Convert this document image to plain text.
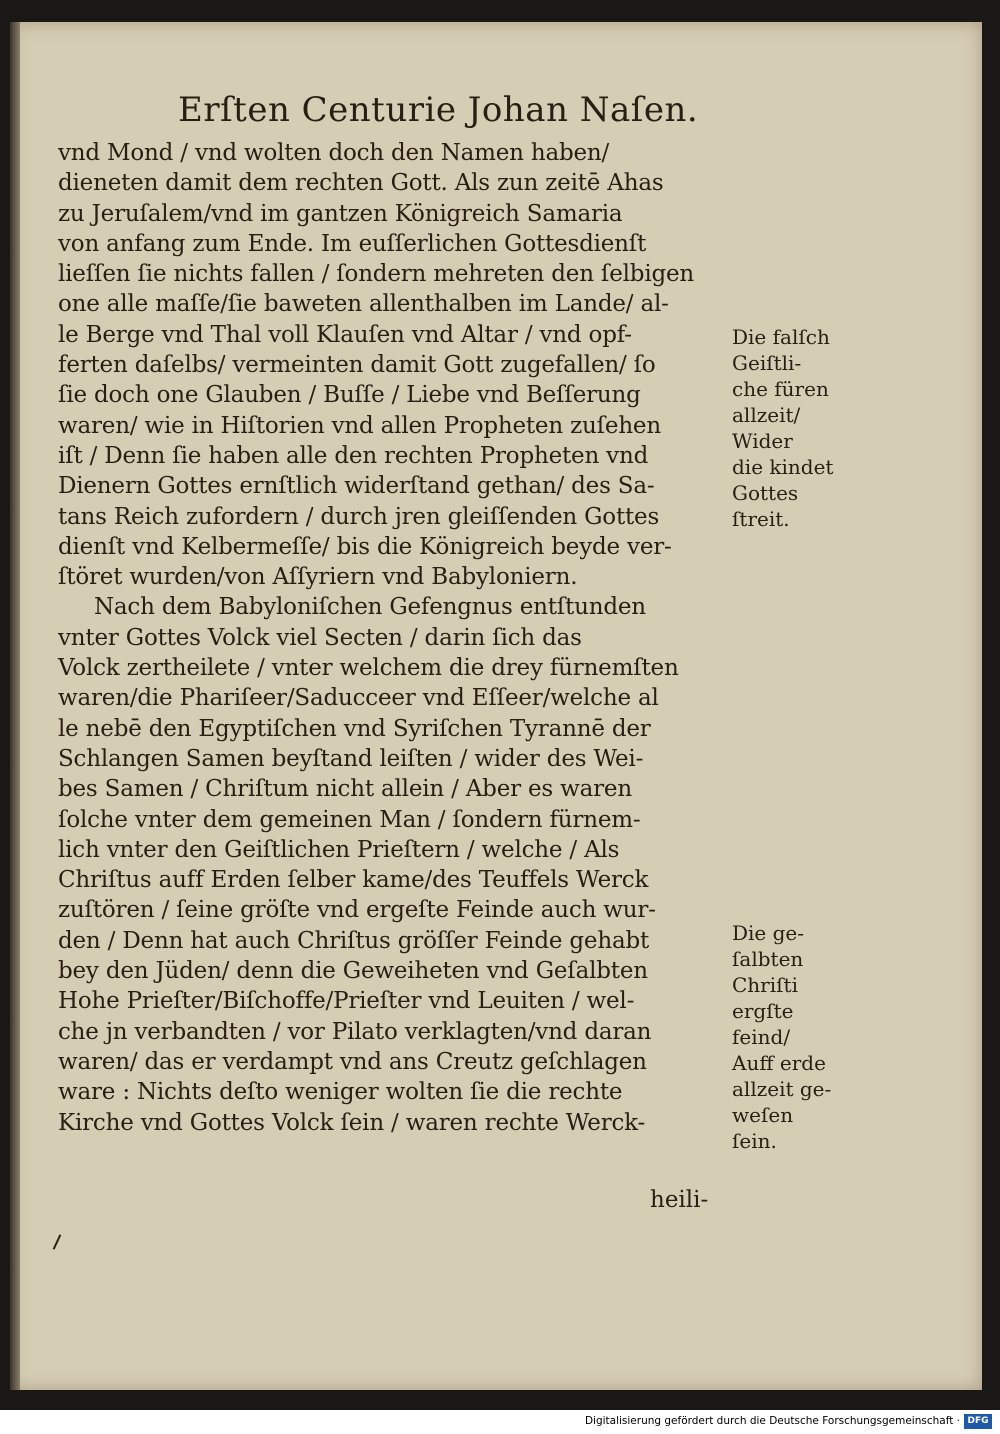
Erſten Centurie Johan Naſen.
vnd Mond / vnd wolten doch den Namen haben/
dieneten damit dem rechten Gott. Als zun zeitē Ahas
zu Jeruſalem/vnd im gantzen Königreich Samaria
von anfang zum Ende. Im euſſerlichen Gottesdienſt
lieſſen ſie nichts fallen / ſondern mehreten den ſelbigen
one alle maſſe/ſie baweten allenthalben im Lande/ al-
le Berge vnd Thal voll Klauſen vnd Altar / vnd opf-
ferten daſelbs/ vermeinten damit Gott zugefallen/ ſo
ſie doch one Glauben / Buſſe / Liebe vnd Beſſerung
waren/ wie in Hiſtorien vnd allen Propheten zuſehen
iſt / Denn ſie haben alle den rechten Propheten vnd
Dienern Gottes ernſtlich widerſtand gethan/ des Sa-
tans Reich zufordern / durch jren gleiſſenden Gottes
dienſt vnd Kelbermeſſe/ bis die Königreich beyde ver-
ſtöret wurden/von Aſſyriern vnd Babyloniern.
Nach dem Babyloniſchen Gefengnus entſtunden
vnter Gottes Volck viel Secten / darin ſich das
Volck zertheilete / vnter welchem die drey fürnemſten
waren/die Phariſeer/Saducceer vnd Eſſeer/welche al
le nebē den Egyptiſchen vnd Syriſchen Tyrannē der
Schlangen Samen beyſtand leiſten / wider des Wei-
bes Samen / Chriſtum nicht allein / Aber es waren
ſolche vnter dem gemeinen Man / ſondern fürnem-
lich vnter den Geiſtlichen Prieſtern / welche / Als
Chriſtus auff Erden ſelber kame/des Teuffels Werck
zuſtören / ſeine gröſte vnd ergeſte Feinde auch wur-
den / Denn hat auch Chriſtus gröſſer Feinde gehabt
bey den Jüden/ denn die Geweiheten vnd Geſalbten
Hohe Prieſter/Biſchoffe/Prieſter vnd Leuiten / wel-
che jn verbandten / vor Pilato verklagten/vnd daran
waren/ das er verdampt vnd ans Creutz geſchlagen
ware : Nichts deſto weniger wolten ſie die rechte
Kirche vnd Gottes Volck ſein / waren rechte Werck-
heili-
Die falſch
Geiſtli-
che füren
allzeit/
Wider
die kindet
Gottes
ſtreit.
Die ge-
ſalbten
Chriſti
ergſte
feind/
Auff erde
allzeit ge-
weſen
ſein.
Digitalisierung gefördert durch die Deutsche Forschungsgemeinschaft · DFG
